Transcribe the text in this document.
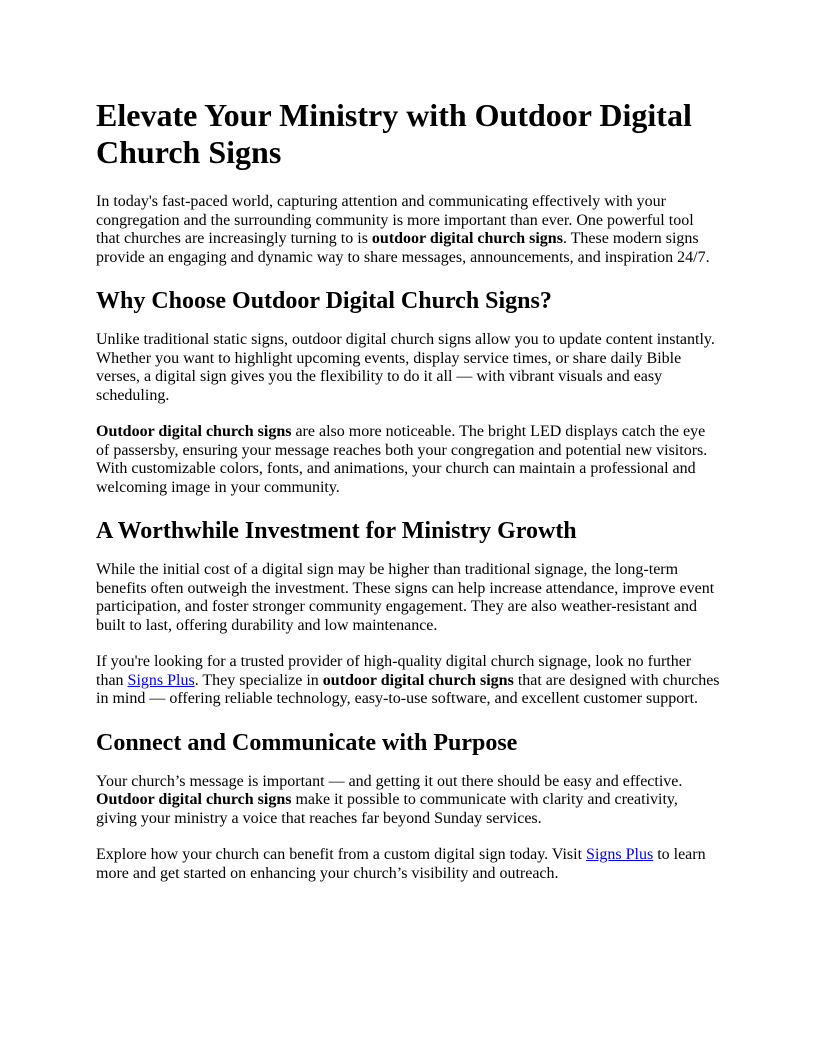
Elevate Your Ministry with Outdoor Digital Church Signs

In today's fast-paced world, capturing attention and communicating effectively with your congregation and the surrounding community is more important than ever. One powerful tool that churches are increasingly turning to is outdoor digital church signs. These modern signs provide an engaging and dynamic way to share messages, announcements, and inspiration 24/7.

Why Choose Outdoor Digital Church Signs?

Unlike traditional static signs, outdoor digital church signs allow you to update content instantly. Whether you want to highlight upcoming events, display service times, or share daily Bible verses, a digital sign gives you the flexibility to do it all — with vibrant visuals and easy scheduling.

Outdoor digital church signs are also more noticeable. The bright LED displays catch the eye of passersby, ensuring your message reaches both your congregation and potential new visitors. With customizable colors, fonts, and animations, your church can maintain a professional and welcoming image in your community.

A Worthwhile Investment for Ministry Growth

While the initial cost of a digital sign may be higher than traditional signage, the long-term benefits often outweigh the investment. These signs can help increase attendance, improve event participation, and foster stronger community engagement. They are also weather-resistant and built to last, offering durability and low maintenance.

If you're looking for a trusted provider of high-quality digital church signage, look no further than Signs Plus. They specialize in outdoor digital church signs that are designed with churches in mind — offering reliable technology, easy-to-use software, and excellent customer support.

Connect and Communicate with Purpose

Your church’s message is important — and getting it out there should be easy and effective. Outdoor digital church signs make it possible to communicate with clarity and creativity, giving your ministry a voice that reaches far beyond Sunday services.

Explore how your church can benefit from a custom digital sign today. Visit Signs Plus to learn more and get started on enhancing your church’s visibility and outreach.
